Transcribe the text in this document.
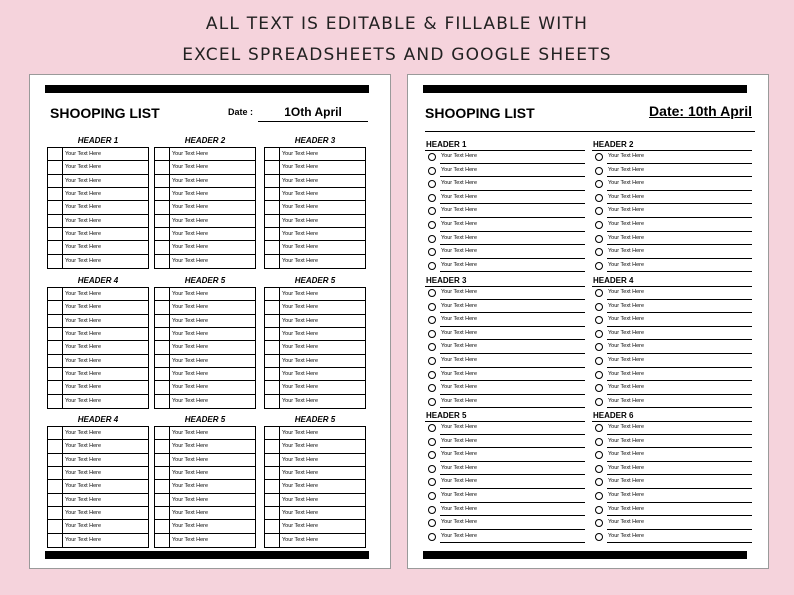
ALL TEXT IS EDITABLE & FILLABLE WITH
EXCEL SPREADSHEETS AND GOOGLE SHEETS
SHOOPING LIST	Date :	1Oth April
HEADER 1
Your Text Here
Your Text Here
Your Text Here
Your Text Here
Your Text Here
Your Text Here
Your Text Here
Your Text Here
Your Text Here
HEADER 2
Your Text Here
Your Text Here
Your Text Here
Your Text Here
Your Text Here
Your Text Here
Your Text Here
Your Text Here
Your Text Here
HEADER 3
Your Text Here
Your Text Here
Your Text Here
Your Text Here
Your Text Here
Your Text Here
Your Text Here
Your Text Here
Your Text Here
HEADER 4
Your Text Here
Your Text Here
Your Text Here
Your Text Here
Your Text Here
Your Text Here
Your Text Here
Your Text Here
Your Text Here
HEADER 5
Your Text Here
Your Text Here
Your Text Here
Your Text Here
Your Text Here
Your Text Here
Your Text Here
Your Text Here
Your Text Here
HEADER 5
Your Text Here
Your Text Here
Your Text Here
Your Text Here
Your Text Here
Your Text Here
Your Text Here
Your Text Here
Your Text Here
HEADER 4
Your Text Here
Your Text Here
Your Text Here
Your Text Here
Your Text Here
Your Text Here
Your Text Here
Your Text Here
Your Text Here
HEADER 5
Your Text Here
Your Text Here
Your Text Here
Your Text Here
Your Text Here
Your Text Here
Your Text Here
Your Text Here
Your Text Here
HEADER 5
Your Text Here
Your Text Here
Your Text Here
Your Text Here
Your Text Here
Your Text Here
Your Text Here
Your Text Here
Your Text Here
SHOOPING LIST	Date: 10th April
HEADER 1
Your Text Here
Your Text Here
Your Text Here
Your Text Here
Your Text Here
Your Text Here
Your Text Here
Your Text Here
Your Text Here
HEADER 2
Your Text Here
Your Text Here
Your Text Here
Your Text Here
Your Text Here
Your Text Here
Your Text Here
Your Text Here
Your Text Here
HEADER 3
Your Text Here
Your Text Here
Your Text Here
Your Text Here
Your Text Here
Your Text Here
Your Text Here
Your Text Here
Your Text Here
HEADER 4
Your Text Here
Your Text Here
Your Text Here
Your Text Here
Your Text Here
Your Text Here
Your Text Here
Your Text Here
Your Text Here
HEADER 5
Your Text Here
Your Text Here
Your Text Here
Your Text Here
Your Text Here
Your Text Here
Your Text Here
Your Text Here
Your Text Here
HEADER 6
Your Text Here
Your Text Here
Your Text Here
Your Text Here
Your Text Here
Your Text Here
Your Text Here
Your Text Here
Your Text Here
